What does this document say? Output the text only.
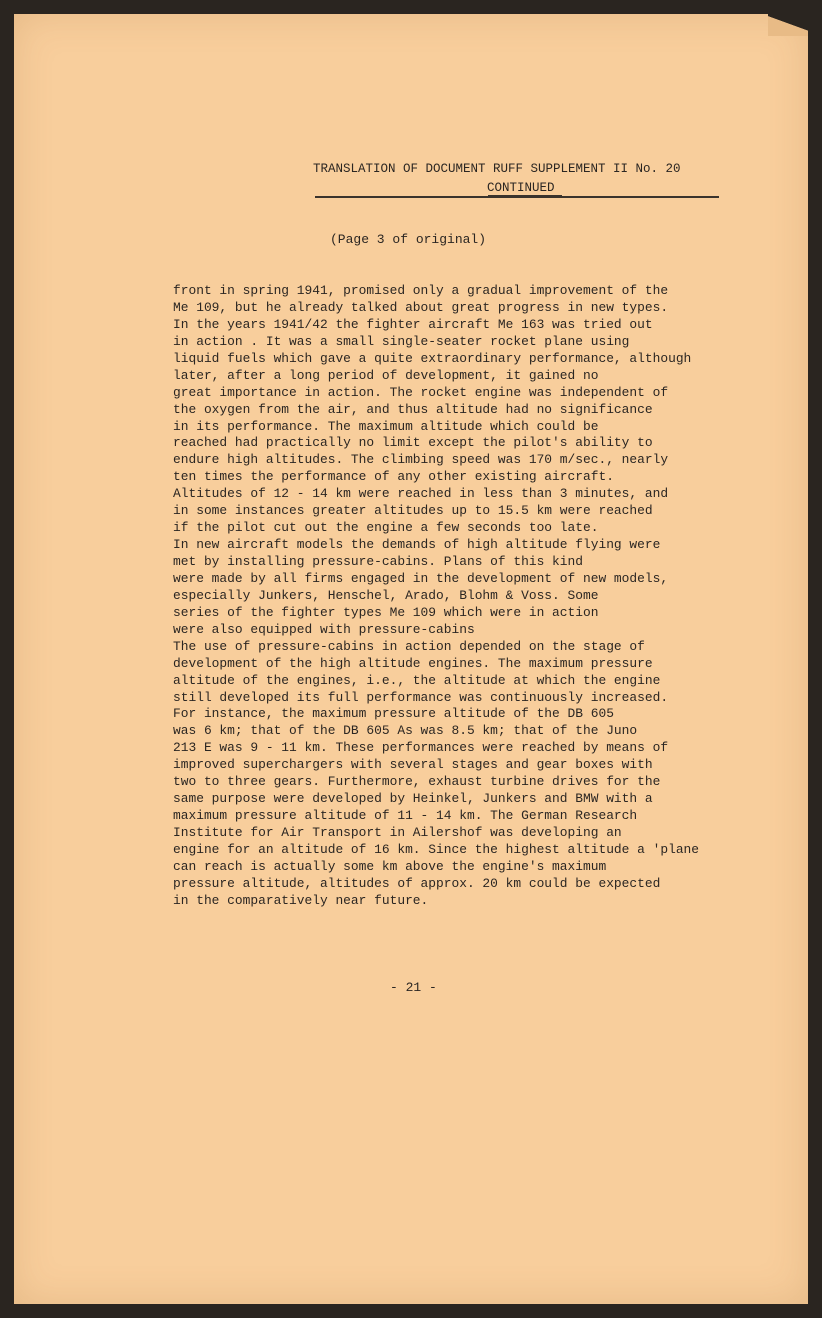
TRANSLATION OF DOCUMENT RUFF SUPPLEMENT II No. 20
CONTINUED
(Page 3 of original)
front in spring 1941, promised only a gradual improvement of the
Me 109, but he already talked about great progress in new types.
In the years 1941/42 the fighter aircraft Me 163 was tried out
in action . It was a small single-seater rocket plane using
liquid fuels which gave a quite extraordinary performance, although
later, after a long period of development, it gained no
great importance in action. The rocket engine was independent of
the oxygen from the air, and thus altitude had no significance
in its performance. The maximum altitude which could be
reached had practically no limit except the pilot's ability to
endure high altitudes. The climbing speed was 170 m/sec., nearly
ten times the performance of any other existing aircraft.
Altitudes of 12 - 14 km were reached in less than 3 minutes, and
in some instances greater altitudes up to 15.5 km were reached
if the pilot cut out the engine a few seconds too late.
In new aircraft models the demands of high altitude flying were
met by installing pressure-cabins. Plans of this kind
were made by all firms engaged in the development of new models,
especially Junkers, Henschel, Arado, Blohm & Voss. Some
series of the fighter types Me 109 which were in action
were also equipped with pressure-cabins
The use of pressure-cabins in action depended on the stage of
development of the high altitude engines. The maximum pressure
altitude of the engines, i.e., the altitude at which the engine
still developed its full performance was continuously increased.
For instance, the maximum pressure altitude of the DB 605
was 6 km; that of the DB 605 As was 8.5 km; that of the Juno
213 E was 9 - 11 km. These performances were reached by means of
improved superchargers with several stages and gear boxes with
two to three gears. Furthermore, exhaust turbine drives for the
same purpose were developed by Heinkel, Junkers and BMW with a
maximum pressure altitude of 11 - 14 km. The German Research
Institute for Air Transport in Ailershof was developing an
engine for an altitude of 16 km. Since the highest altitude a 'plane
can reach is actually some km above the engine's maximum
pressure altitude, altitudes of approx. 20 km could be expected
in the comparatively near future.
- 21 -
